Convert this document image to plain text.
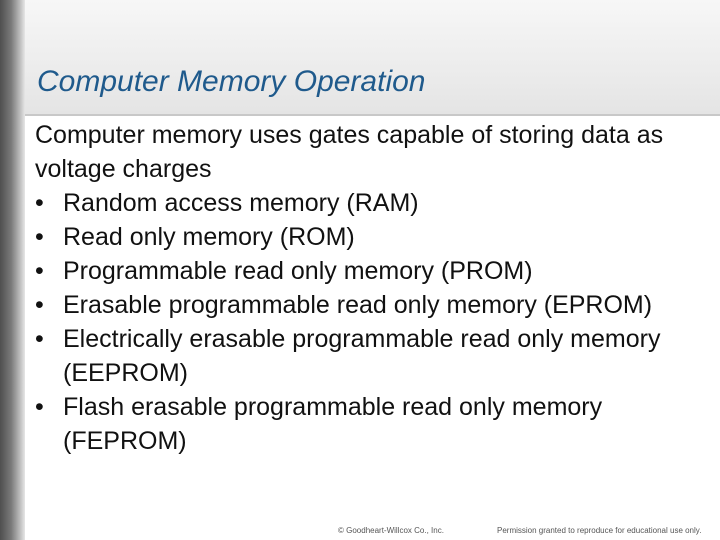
Computer Memory Operation

Computer memory uses gates capable of storing data as voltage charges

• Random access memory (RAM)
• Read only memory (ROM)
• Programmable read only memory (PROM)
• Erasable programmable read only memory (EPROM)
• Electrically erasable programmable read only memory (EEPROM)
• Flash erasable programmable read only memory (FEPROM)
© Goodheart-Willcox Co., Inc.	Permission granted to reproduce for educational use only.
